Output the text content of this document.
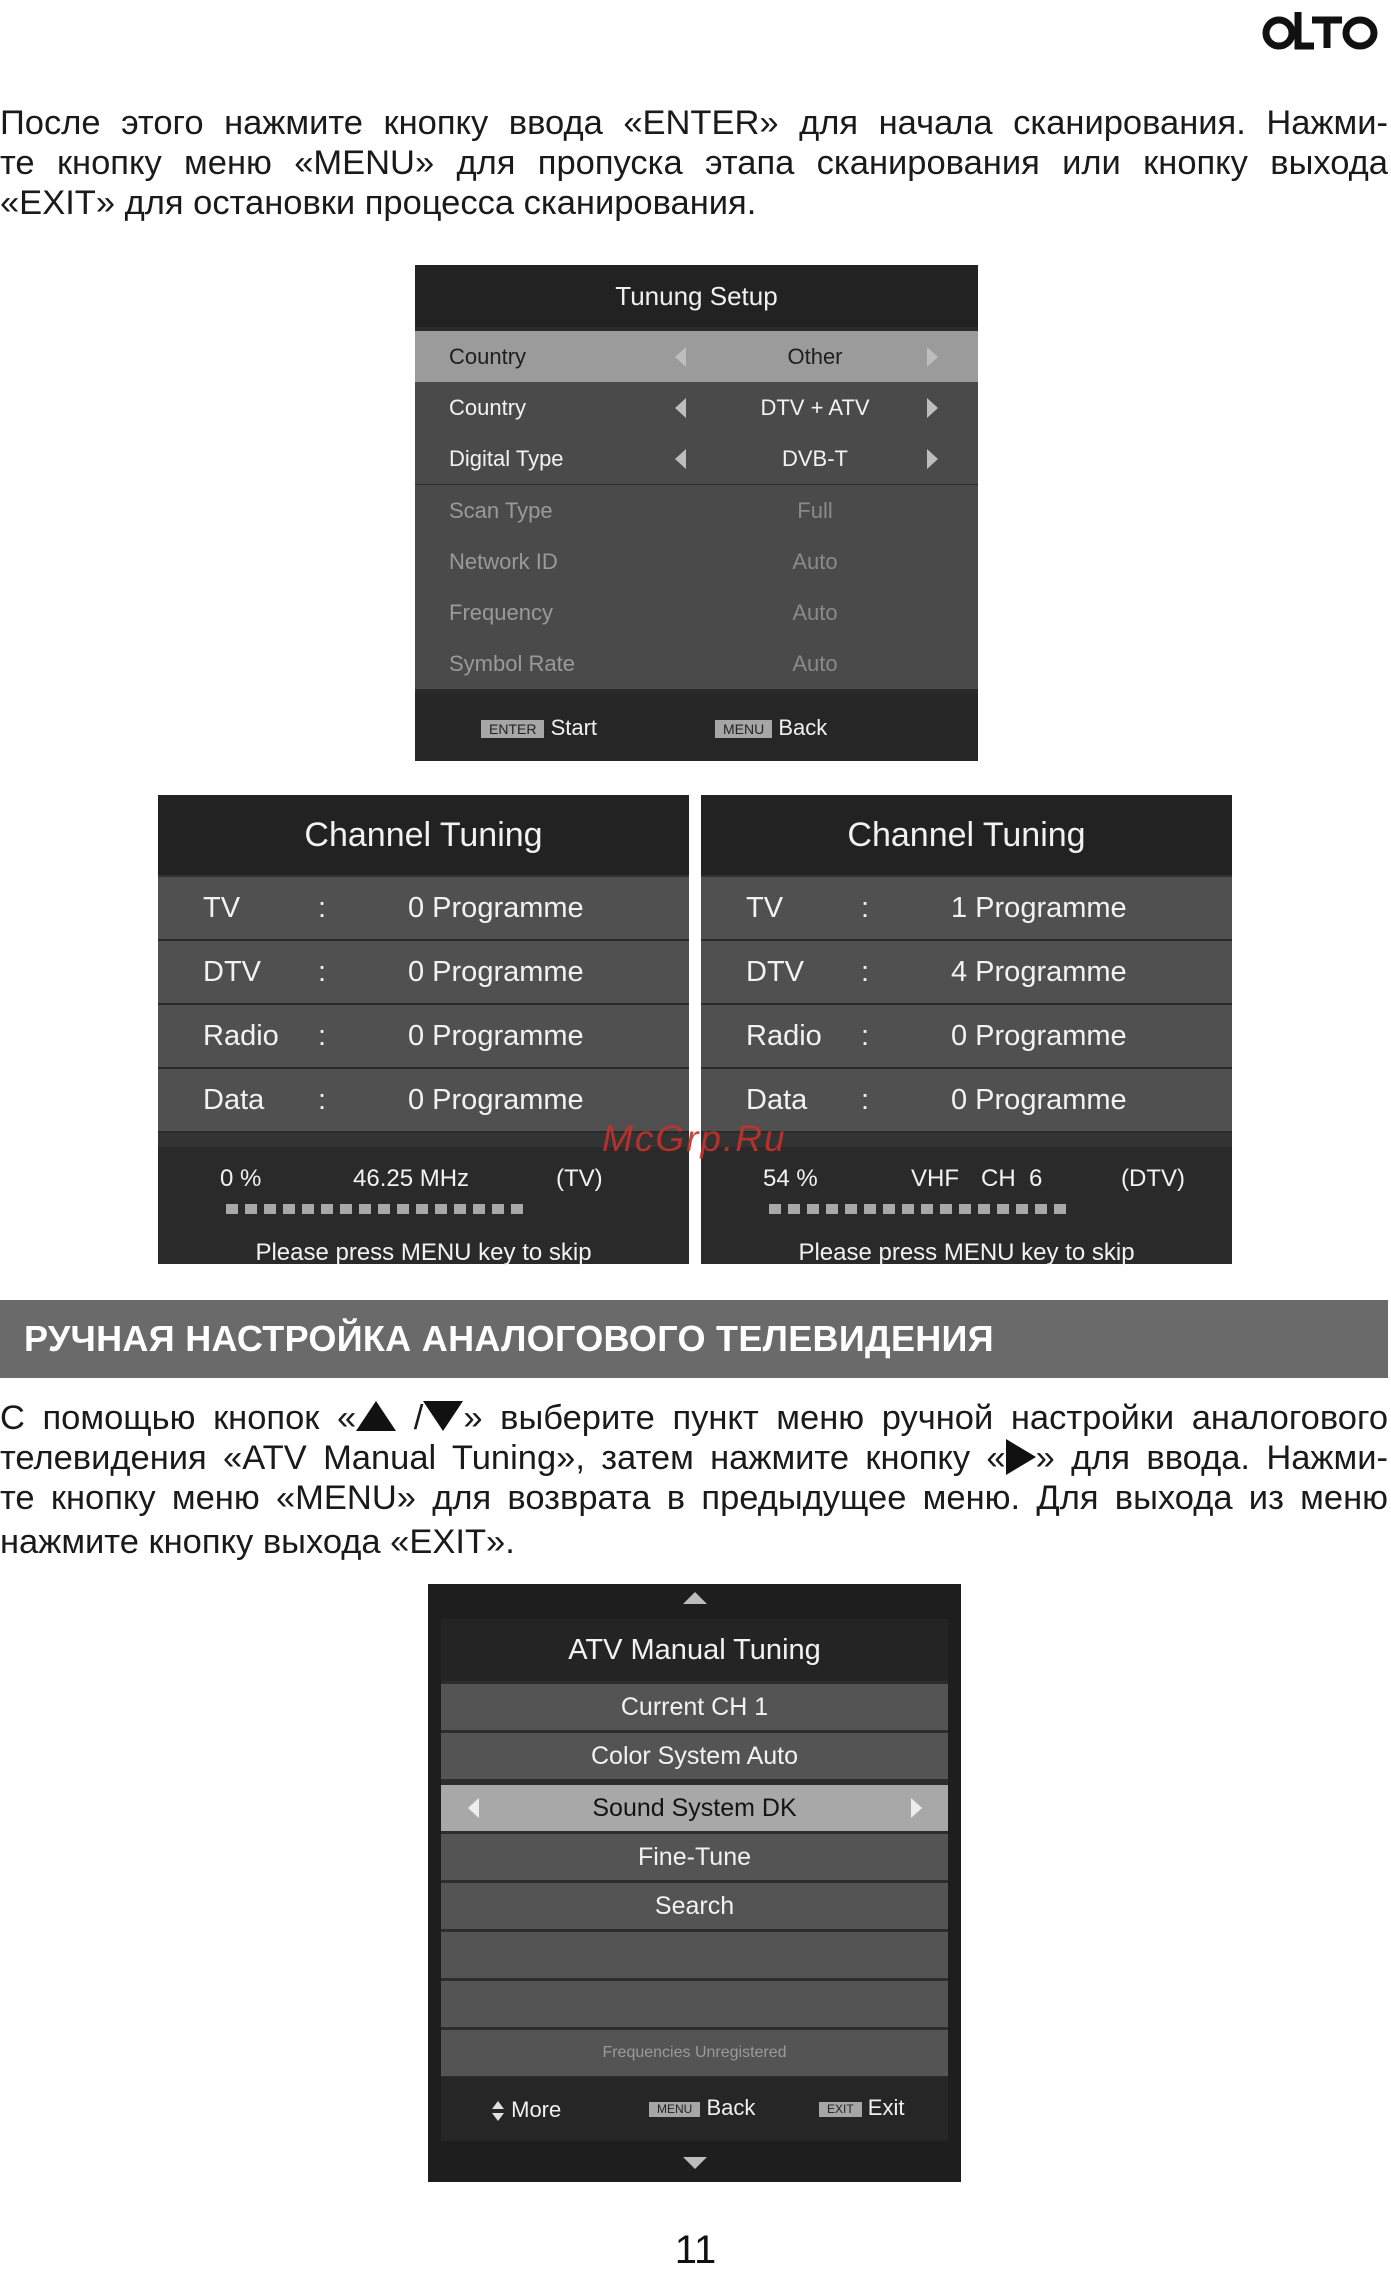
После этого нажмите кнопку ввода «ENTER» для начала сканирования. Нажми-
те кнопку меню «MENU» для пропуска этапа сканирования или кнопку выхода
«EXIT» для остановки процесса сканирования.
Tunung Setup
Country	Other
Country	DTV + ATV
Digital Type	DVB-T
Scan Type	Full
Network ID	Auto
Frequency	Auto
Symbol Rate	Auto
ENTER Start	MENU Back
Channel Tuning
TV	:	0 Programme
DTV :	0 Programme
Radio :	0 Programme
Data :	0 Programme
0 %	46.25 MHz	(TV)
Please press MENU key to skip
Channel Tuning
TV	:	1 Programme
DTV :	4 Programme
Radio :	0 Programme
Data :	0 Programme
54 %	VHF CH  6	(DTV)
Please press MENU key to skip
McGrp.Ru
РУЧНАЯ НАСТРОЙКА АНАЛОГОВОГО ТЕЛЕВИДЕНИЯ
С помощью кнопок « / » выберите пункт меню ручной настройки аналогового
телевидения «ATV Manual Tuning», затем нажмите кнопку « » для ввода. Нажми-
те кнопку меню «MENU» для возврата в предыдущее меню. Для выхода из меню
нажмите кнопку выхода «EXIT».
ATV Manual Tuning
Current CH 1
Color System Auto
Sound System DK
Fine-Tune
Search
Frequencies Unregistered
More	MENU Back	EXIT Exit
11
